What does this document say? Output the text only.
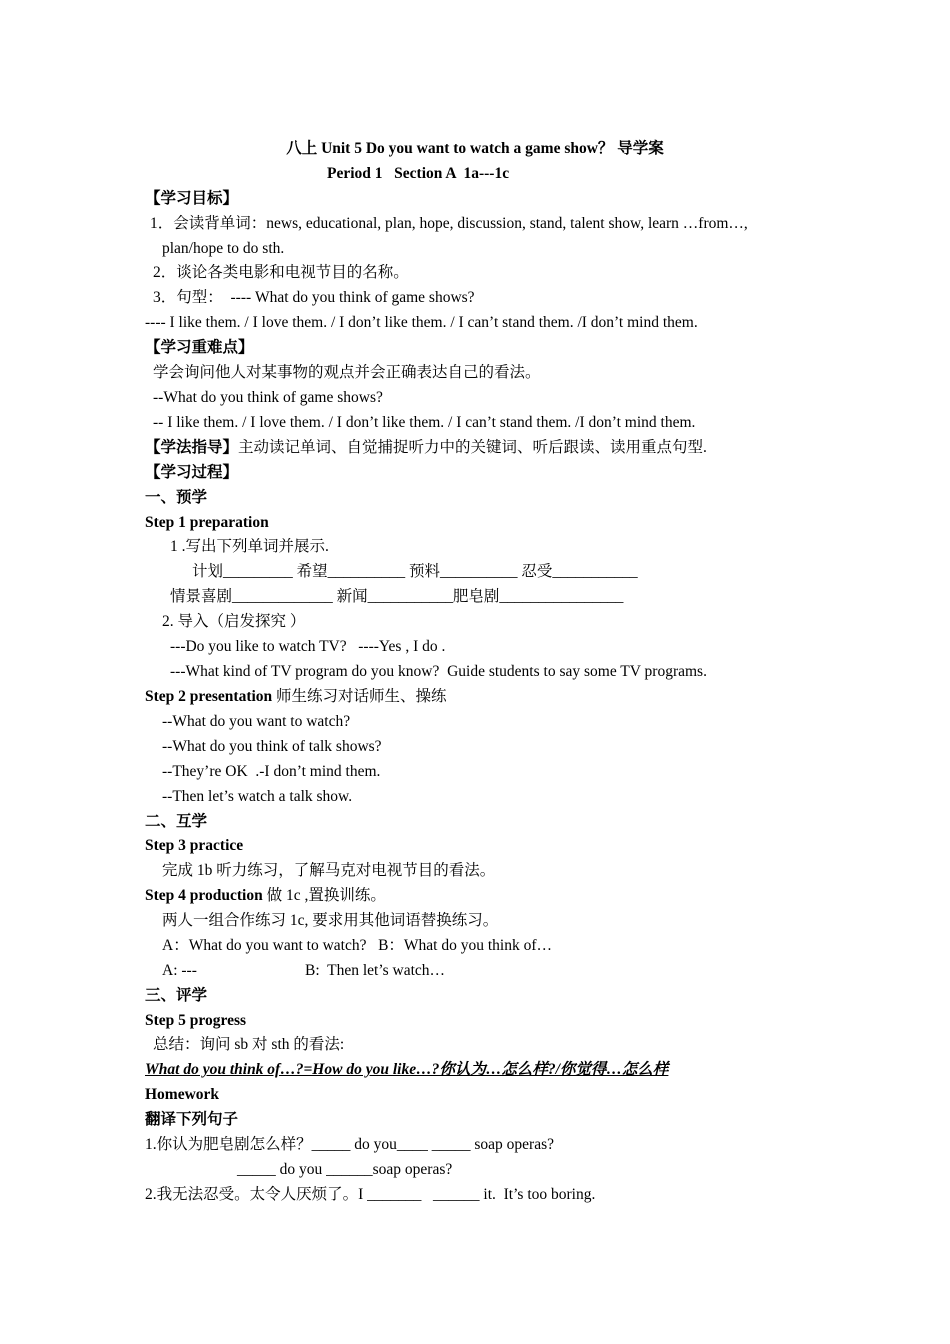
八上 Unit 5 Do you want to watch a game show？ 导学案
Period 1   Section A  1a---1c
【学习目标】
1．会读背单词：news, educational, plan, hope, discussion, stand, talent show, learn …from…,
plan/hope to do sth.
2．谈论各类电影和电视节目的名称。
3．句型：  ---- What do you think of game shows?
---- I like them. / I love them. / I don’t like them. / I can’t stand them. /I don’t mind them.
【学习重难点】
学会询问他人对某事物的观点并会正确表达自己的看法。
--What do you think of game shows?
-- I like them. / I love them. / I don’t like them. / I can’t stand them. /I don’t mind them.
【学法指导】主动读记单词、自觉捕捉听力中的关键词、听后跟读、读用重点句型.
【学习过程】
一、预学
Step 1 preparation
1 .写出下列单词并展示.
计划_________ 希望__________ 预料__________ 忍受___________
情景喜剧_____________ 新闻___________肥皂剧________________
2. 导入（启发探究 ）
---Do you like to watch TV?   ----Yes , I do .
---What kind of TV program do you know?  Guide students to say some TV programs.
Step 2 presentation 师生练习对话师生、操练
--What do you want to watch?
--What do you think of talk shows?
--They’re OK  .-I don’t mind them.
--Then let’s watch a talk show.
二、互学
Step 3 practice
完成 1b 听力练习，了解马克对电视节目的看法。
Step 4 production 做 1c ,置换训练。
两人一组合作练习 1c, 要求用其他词语替换练习。
A：What do you want to watch?   B：What do you think of…
A: ---	B:  Then let’s watch…
三、评学
Step 5 progress
总结：询问 sb 对 sth 的看法:
What do you think of…?=How do you like…?你认为…怎么样?/你觉得…怎么样
Homework
翻译下列句子
1.你认为肥皂剧怎么样？_____ do you____ _____ soap operas?
_____ do you ______soap operas?
2.我无法忍受。太令人厌烦了。I _______   ______ it.  It’s too boring.
